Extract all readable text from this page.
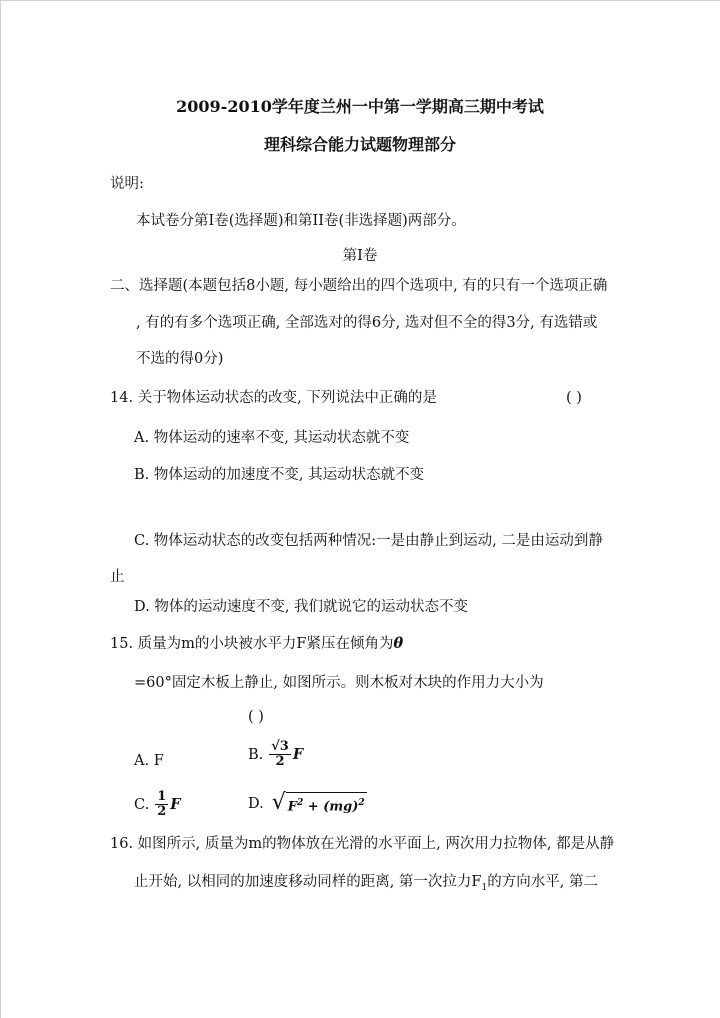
2009-2010学年度兰州一中第一学期高三期中考试
理科综合能力试题物理部分
说明:
本试卷分第I卷(选择题)和第II卷(非选择题)两部分。
第I卷
二、选择题(本题包括8小题, 每小题给出的四个选项中, 有的只有一个选项正确
, 有的有多个选项正确, 全部选对的得6分, 选对但不全的得3分, 有选错或
不选的得0分)
14. 关于物体运动状态的改变, 下列说法中正确的是	( )
A. 物体运动的速率不变, 其运动状态就不变
B. 物体运动的加速度不变, 其运动状态就不变
C. 物体运动状态的改变包括两种情况:一是由静止到运动, 二是由运动到静
止
D. 物体的运动速度不变, 我们就说它的运动状态不变
15. 质量为m的小块被水平力F紧压在倾角为θ
=60°固定木板上静止, 如图所示。则木板对木块的作用力大小为
( )
A. F	B. $\frac{√3}{2}$ F
C. $\frac{1}{2}$ F	D. √ $F^2 + (mg)^2$
16. 如图所示, 质量为m的物体放在光滑的水平面上, 两次用力拉物体, 都是从静
止开始, 以相同的加速度移动同样的距离, 第一次拉力$F_1$的方向水平, 第二
